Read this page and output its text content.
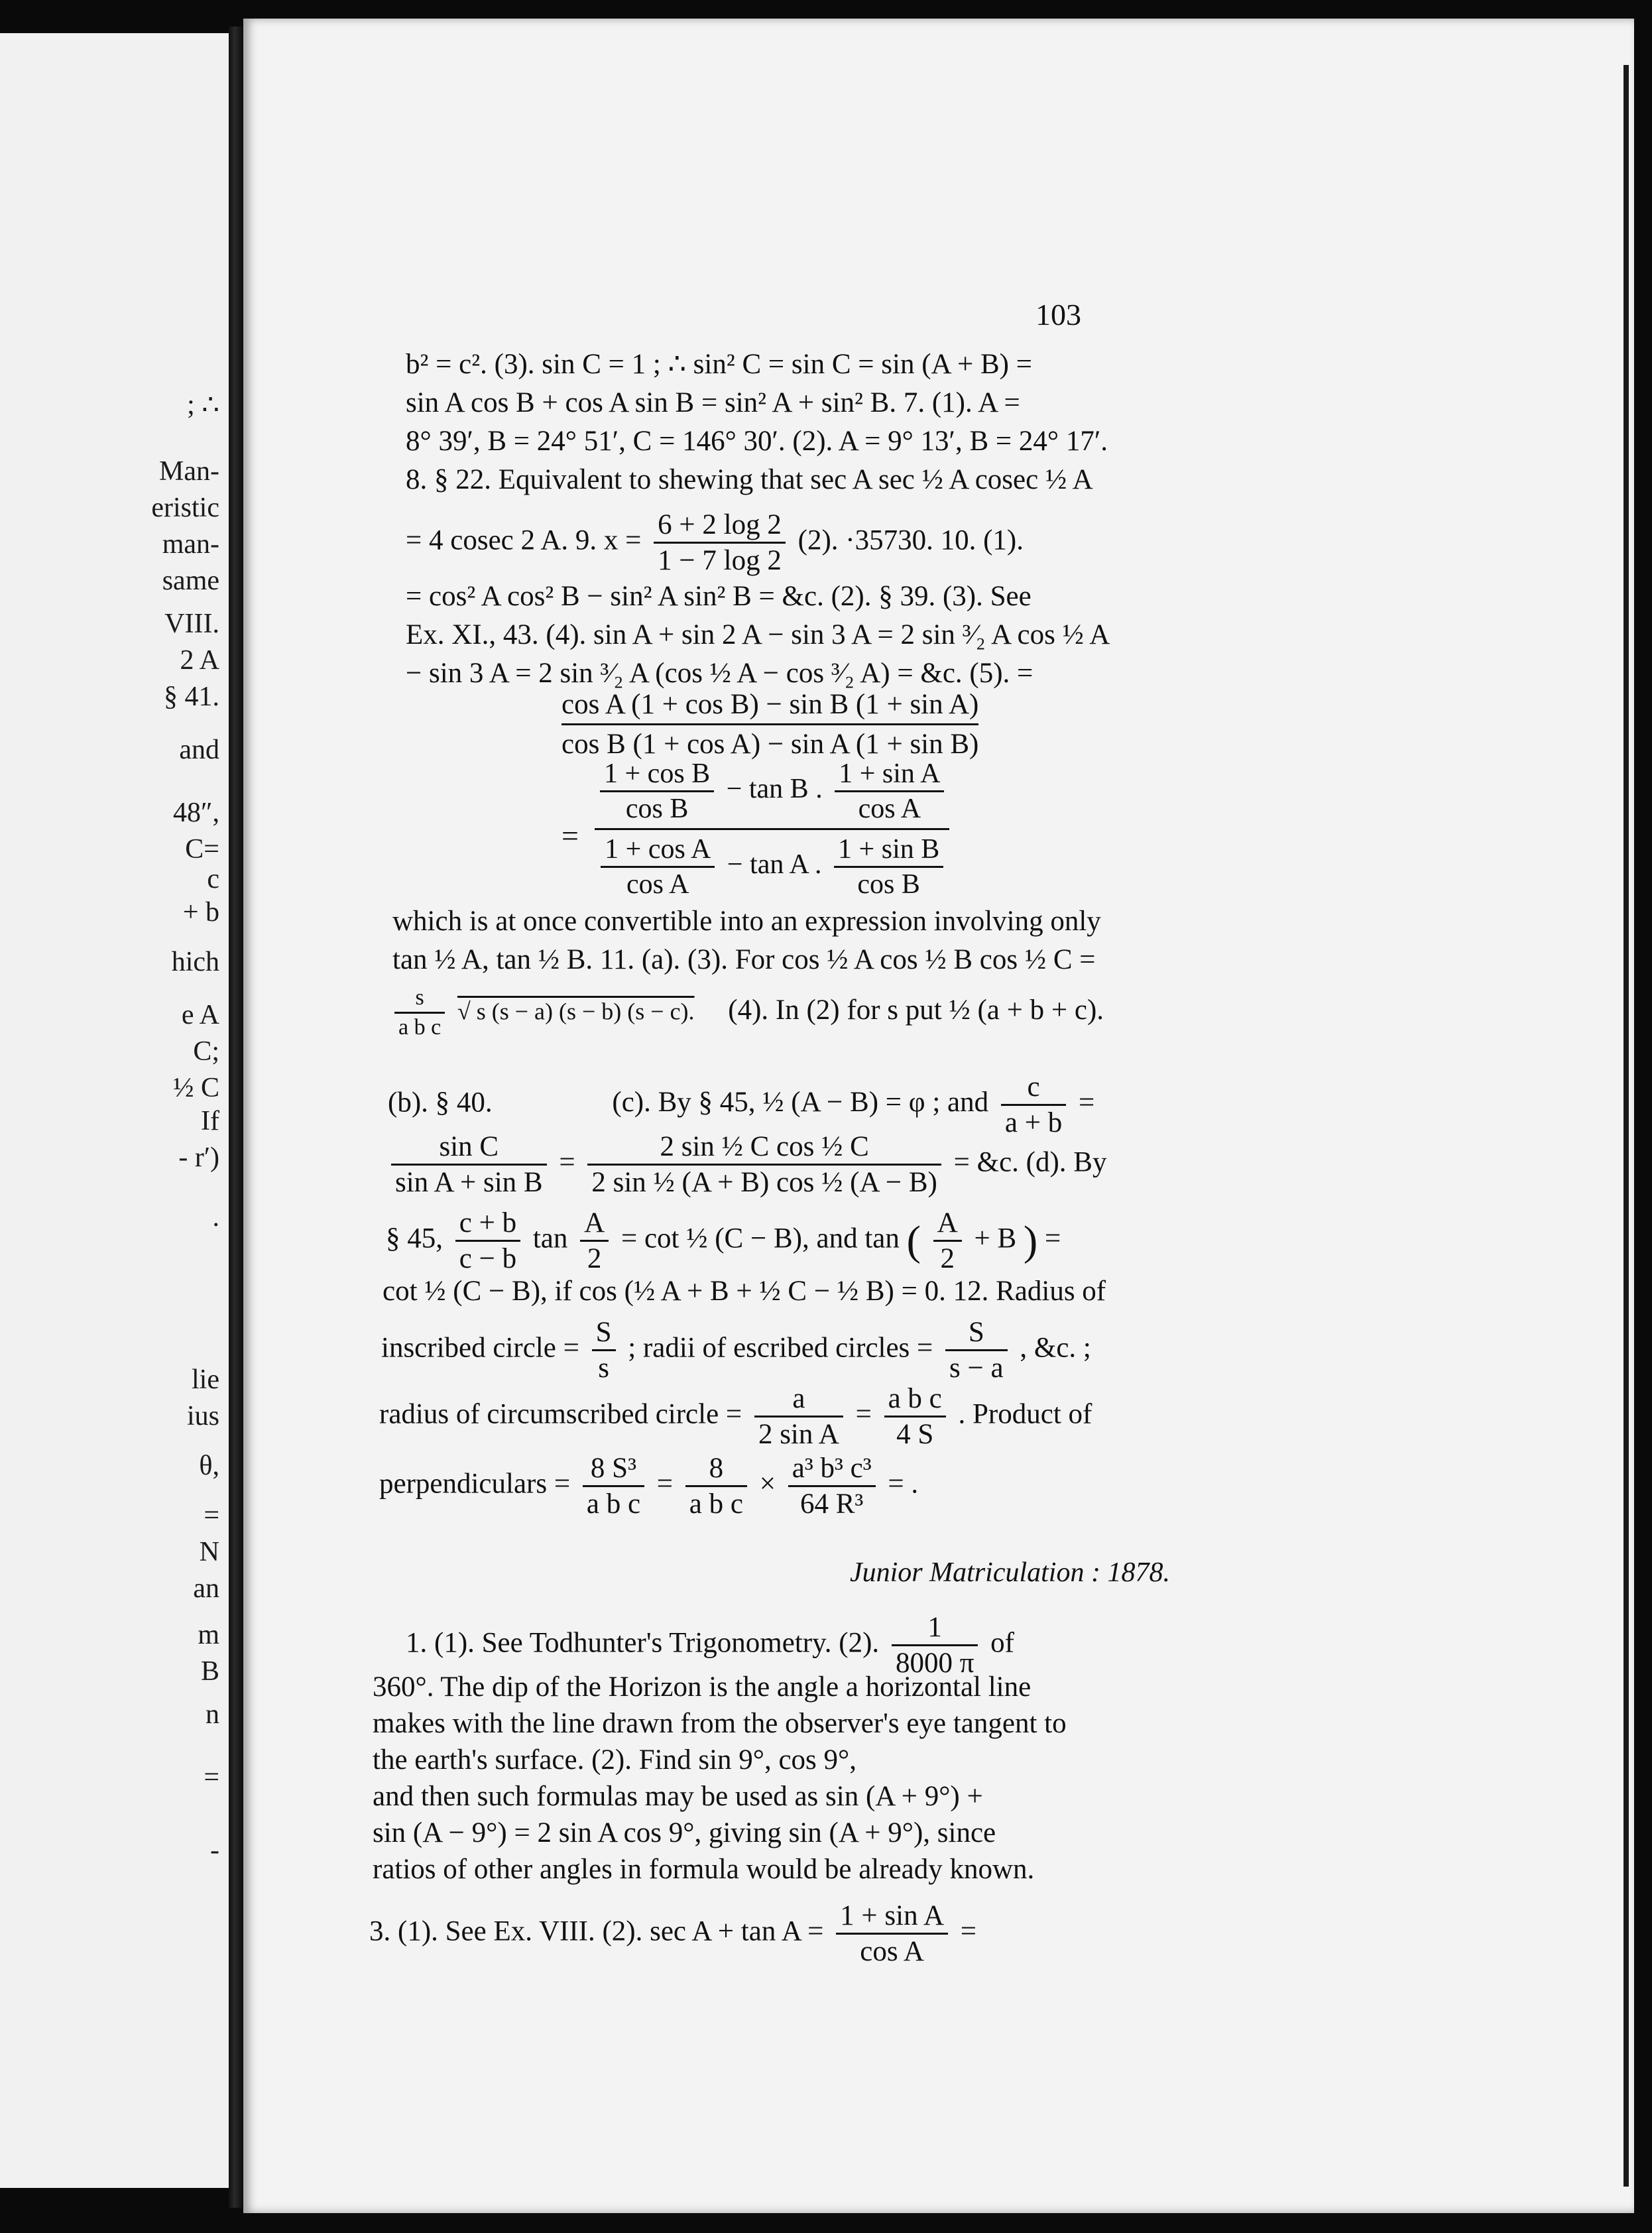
; ∴
Man-
eristic
man-
same
VIII.
2 A
§ 41.
and
48″,
C=
c
+ b
hich
e A
C;
½ C
If
- r′)
.
lie
ius
θ,
=
N
an
m
B
n
=
-
103
b² = c². (3). sin C = 1 ; ∴ sin² C = sin C = sin (A + B) =
sin A cos B + cos A sin B = sin² A + sin² B. 7. (1). A =
8° 39′, B = 24° 51′, C = 146° 30′. (2). A = 9° 13′, B = 24° 17′.
8. § 22. Equivalent to shewing that sec A sec ½ A cosec ½ A
= 4 cosec 2 A. 9. $x = \frac{6 + 2 \log 2}{1 - 7 \log 2} (2)$. ·35730. 10. (1).
= cos² A cos² B − sin² A sin² B = &c. (2). § 39. (3). See
Ex. XI., 43. (4). sin A + sin 2 A − sin 3 A = 2 sin ³⁄₂ A cos ½ A
− sin 3 A = 2 sin ³⁄₂ A (cos ½ A − cos ³⁄₂ A) = &c. (5). =
cos A (1 + cos B) − sin B (1 + sin A)
cos B (1 + cos A) − sin A (1 + sin B)
=
$\frac{\text{1 + cos B}}{\text{cos B}} - \tan B$ . $\frac{\text{1 + sin A}}{\text{cos A}}$
$\frac{\text{1 + cos A}}{\text{cos A}} - \tan A$ . $\frac{\text{1 + sin B}}{\text{cos B}}$
which is at once convertible into an expression involving only
tan ½ A, tan ½ B. 11. (a). (3). For cos ½ A cos ½ B cos ½ C =
$\frac{s}{\text{a b c}}$ √ s (s − a) (s − b) (s − c). (4). In (2) for s put ½ (a + b + c).
(b). § 40.	(c). By § 45, ½ (A − B) = φ ; and $\frac{c}{a + b}$ =
$\frac{\text{sin C}}{\text{sin A + sin B}} = \frac{\text{2 sin ½ C cos ½ C}}{\text{2 sin ½ (A + B) cos ½ (A − B)}}$ = &c. (d). By
§ 45, $\frac{c + b}{c - b}$ $\tan \frac{A}{2} = \cot$ ½ (C − B), and tan ( $\frac{A}{2} + B$ ) =
cot ½ (C − B), if cos (½ A + B + ½ C − ½ B) = 0. 12. Radius of
inscribed circle = $\frac{S}{s}$ ; radii of escribed circles = $\frac{S}{s - a}$ , &c. ;
radius of circumscribed circle = $\frac{a}{\text{2 sin A}} = \frac{\text{a b c}}{4 S}$ . Product of
perpendiculars = $\frac{\text{8 S³}}{\text{a b c}} = \frac{8}{\text{a b c}} \times \frac{\text{a³ b³ c³}}{\text{64 R³}}$ = .
Junior Matriculation : 1878.
1. (1). See Todhunter's Trigonometry. (2). $\frac{1}{8000 \pi}$ of
360°. The dip of the Horizon is the angle a horizontal line
makes with the line drawn from the observer's eye tangent to
the earth's surface. (2). Find sin 9°, cos 9°,
and then such formulas may be used as sin (A + 9°) +
sin (A − 9°) = 2 sin A cos 9°, giving sin (A + 9°), since
ratios of other angles in formula would be already known.
3. (1). See Ex. VIII. (2). $\sec A + \tan A = \frac{\text{1 + sin A}}{\text{cos A}}$ =
